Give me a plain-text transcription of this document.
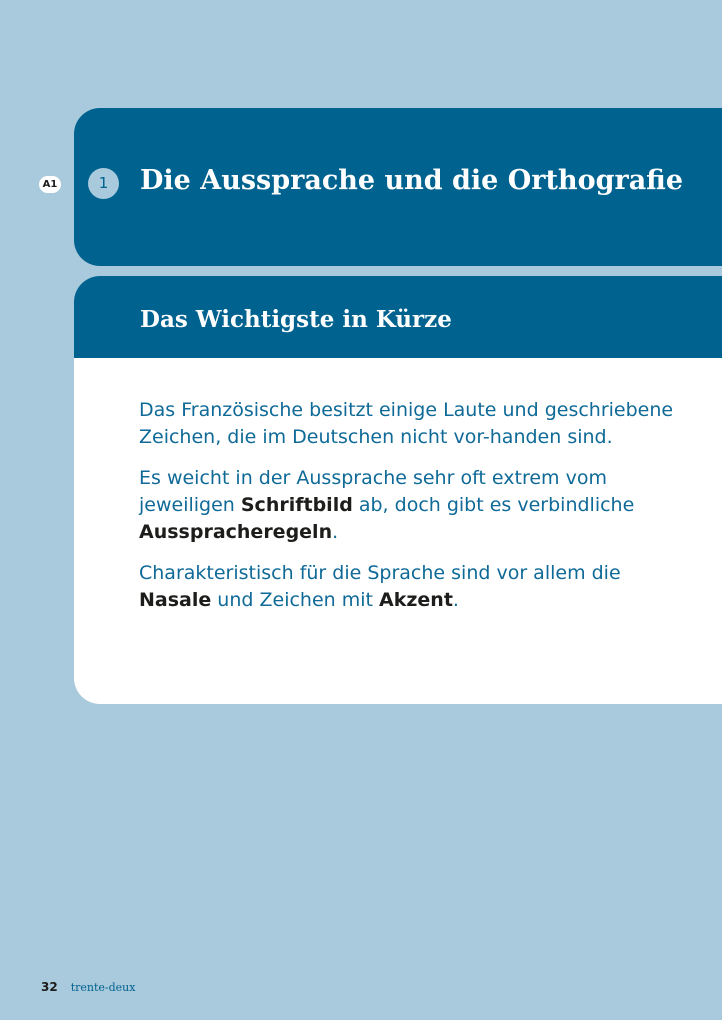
A1	1	Die Aussprache und die Orthografie
Das Wichtigste in Kürze

Das Französische besitzt einige Laute und geschriebene Zeichen, die im Deutschen nicht vor-handen sind.

Es weicht in der Aussprache sehr oft extrem vom jeweiligen Schriftbild ab, doch gibt es verbindliche Ausspracheregeln.

Charakteristisch für die Sprache sind vor allem die Nasale und Zeichen mit Akzent.

32 trente-deux
